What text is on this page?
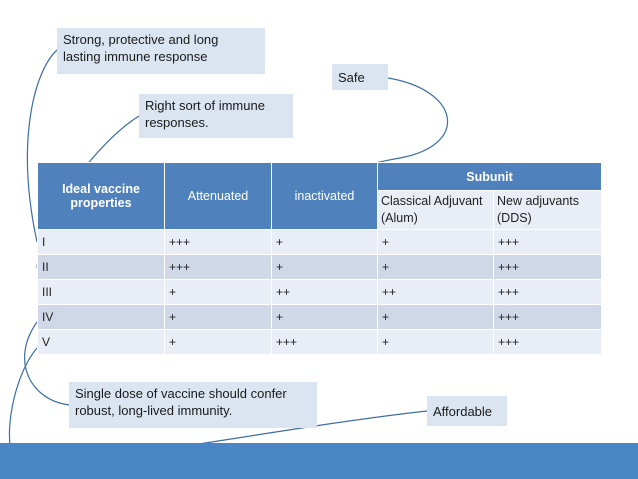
Strong, protective and long lasting immune response
Safe
Right sort of immune responses.
Ideal vaccine properties	Attenuated	inactivated	Subunit	
			Classical Adjuvant (Alum)	New adjuvants (DDS)
I	+++	+	+	+++
II	+++	+	+	+++
III	+	++	++	+++
IV	+	+	+	+++
V	+	+++	+	+++
Single dose of vaccine should confer robust, long-lived immunity.	Affordable
